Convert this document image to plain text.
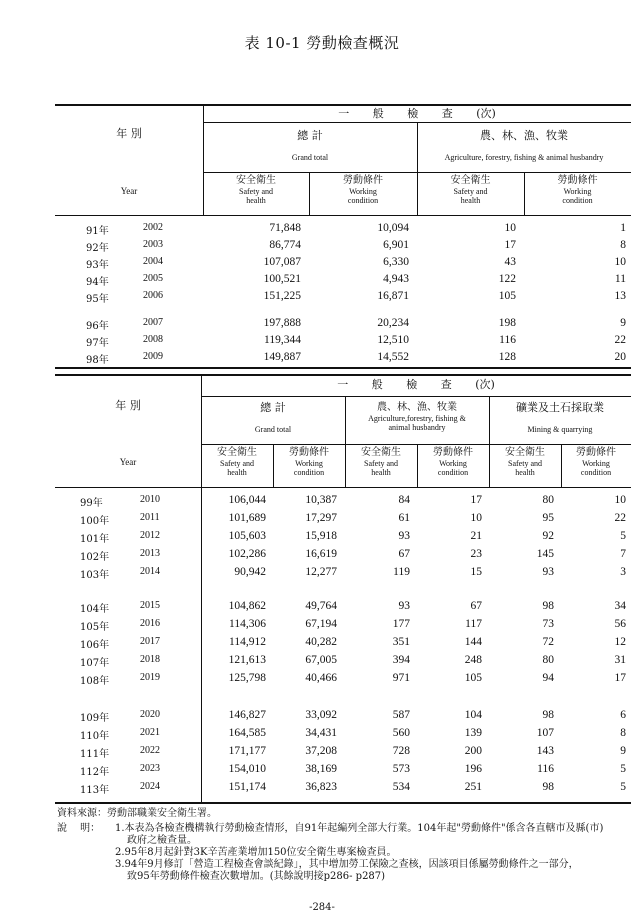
表 10-1 勞動檢查概況
年 別
Year
一 般 檢 查 (次)
總 計
Grand total
農、林、漁、牧業
Agriculture, forestry, fishing & animal husbandry
安全衛生
Safety and
health
勞動條件
Working
condition
安全衛生
Safety and
health
勞動條件
Working
condition
91年	2002	71,848	10,094	10	1
92年	2003	86,774	6,901	17	8
93年	2004	107,087	6,330	43	10
94年	2005	100,521	4,943	122	11
95年	2006	151,225	16,871	105	13
96年	2007	197,888	20,234	198	9
97年	2008	119,344	12,510	116	22
98年	2009	149,887	14,552	128	20
年 別
Year
一 般 檢 查 (次)
總 計
Grand total
農、林、漁、牧業
Agriculture,forestry, fishing &
animal husbandry
礦業及土石採取業
Mining & quarrying
安全衛生
Safety and
health
勞動條件
Working
condition
安全衛生
Safety and
health
勞動條件
Working
condition
安全衛生
Safety and
health
勞動條件
Working
condition
99年	2010	106,044	10,387	84	17	80	10
100年	2011	101,689	17,297	61	10	95	22
101年	2012	105,603	15,918	93	21	92	5
102年	2013	102,286	16,619	67	23	145	7
103年	2014	90,942	12,277	119	15	93	3
104年	2015	104,862	49,764	93	67	98	34
105年	2016	114,306	67,194	177	117	73	56
106年	2017	114,912	40,282	351	144	72	12
107年	2018	121,613	67,005	394	248	80	31
108年	2019	125,798	40,466	971	105	94	17
109年	2020	146,827	33,092	587	104	98	6
110年	2021	164,585	34,431	560	139	107	8
111年	2022	171,177	37,208	728	200	143	9
112年	2023	154,010	38,169	573	196	116	5
113年	2024	151,174	36,823	534	251	98	5
資料來源：勞動部職業安全衛生署。
說　 明： 1.本表為各檢查機構執行勞動檢查情形，自91年起編列全部大行業。104年起"勞動條件"係含各直轄市及縣(市)
政府之檢查量。
2.95年8月起針對3K辛苦產業增加150位安全衛生專案檢查員。
3.94年9月修訂「營造工程檢查會談紀錄」，其中增加勞工保險之查核，因該項目係屬勞動條件之一部分，
致95年勞動條件檢查次數增加。(其餘說明接p286- p287)
-284-
